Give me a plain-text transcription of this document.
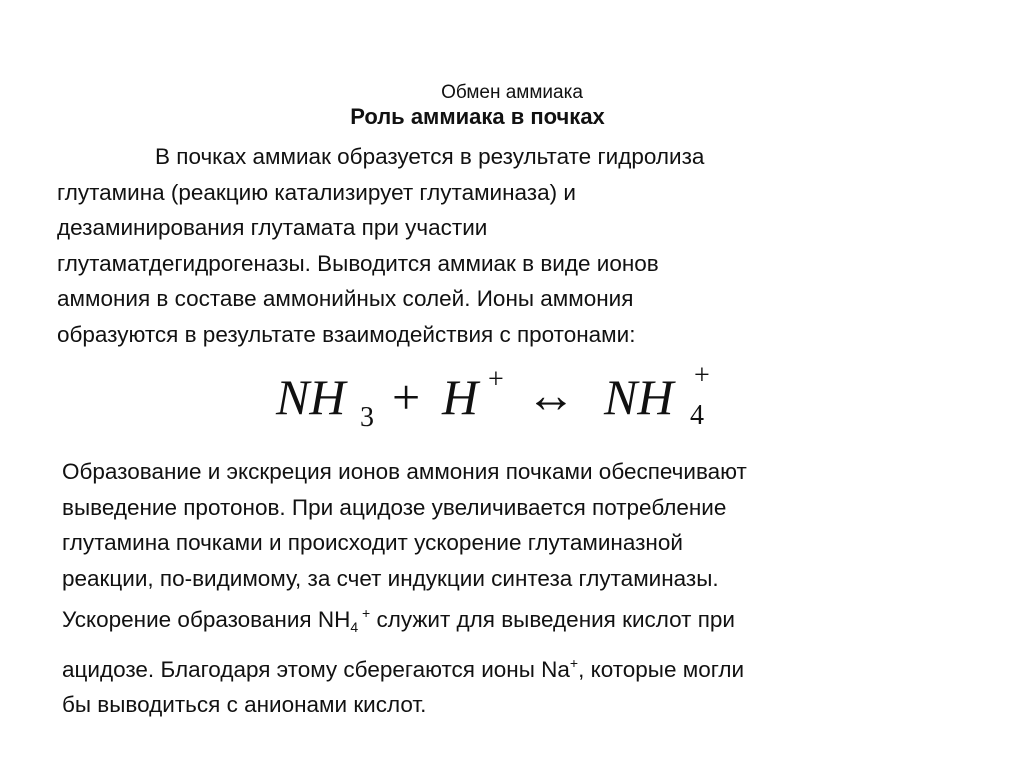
Обмен аммиака
Роль аммиака в почках
В почках аммиак образуется в результате гидролиза
глутамина (реакцию катализирует глутаминаза) и
дезаминирования глутамата при участии
глутаматдегидрогеназы. Выводится аммиак в виде ионов
аммония в составе аммонийных солей. Ионы аммония
образуются в результате взаимодействия с протонами:
NH 3 + H + ↔ NH 4
+
Образование и экскреция ионов аммония почками обеспечивают
выведение протонов. При ацидозе увеличивается потребление
глутамина почками и происходит ускорение глутаминазной
реакции, по-видимому, за счет индукции синтеза глутаминазы.
Ускорение образования $NH_4$ + служит для выведения кислот при
ацидозе. Благодаря этому сберегаются ионы Na+, которые могли
бы выводиться с анионами кислот.
